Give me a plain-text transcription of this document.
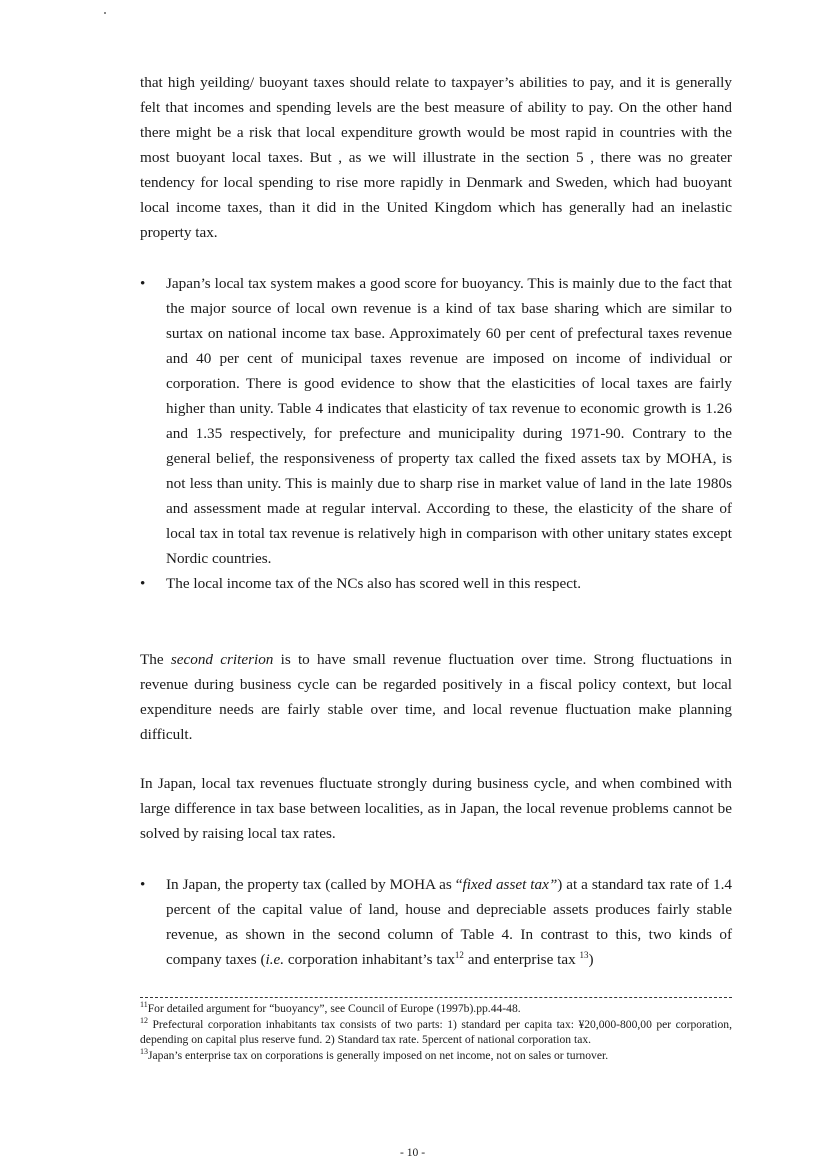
that high yeilding/ buoyant taxes should relate to taxpayer’s abilities to pay, and it is generally felt that incomes and spending levels are the best measure of ability to pay. On the other hand there might be a risk that local expenditure growth would be most rapid in countries with the most buoyant local taxes. But , as we will illustrate in the section 5 , there was no greater tendency for local spending to rise more rapidly in Denmark and Sweden, which had buoyant local income taxes, than it did in the United Kingdom which has generally had an inelastic property tax.

• Japan’s local tax system makes a good score for buoyancy. This is mainly due to the fact that the major source of local own revenue is a kind of tax base sharing which are similar to surtax on national income tax base. Approximately 60 per cent of prefectural taxes revenue and 40 per cent of municipal taxes revenue are imposed on income of individual or corporation. There is good evidence to show that the elasticities of local taxes are fairly higher than unity. Table 4 indicates that elasticity of tax revenue to economic growth is 1.26 and 1.35 respectively, for prefecture and municipality during 1971-90. Contrary to the general belief, the responsiveness of property tax called the fixed assets tax by MOHA, is not less than unity. This is mainly due to sharp rise in market value of land in the late 1980s and assessment made at regular interval. According to these, the elasticity of the share of local tax in total tax revenue is relatively high in comparison with other unitary states except Nordic countries.
• The local income tax of the NCs also has scored well in this respect.

The second criterion is to have small revenue fluctuation over time. Strong fluctuations in revenue during business cycle can be regarded positively in a fiscal policy context, but local expenditure needs are fairly stable over time, and local revenue fluctuation make planning difficult.

In Japan, local tax revenues fluctuate strongly during business cycle, and when combined with large difference in tax base between localities, as in Japan, the local revenue problems cannot be solved by raising local tax rates.

• In Japan, the property tax (called by MOHA as “fixed asset tax”) at a standard tax rate of 1.4 percent of the capital value of land, house and depreciable assets produces fairly stable revenue, as shown in the second column of Table 4. In contrast to this, two kinds of company taxes (i.e. corporation inhabitant’s tax$^{12}$ and enterprise tax $^{13}$)

$^{11}$For detailed argument for “buoyancy”, see Council of Europe (1997b).pp.44-48.

$^{12}$ Prefectural corporation inhabitants tax consists of two parts: 1) standard per capita tax: ¥20,000-800,00 per corporation, depending on capital plus reserve fund. 2) Standard tax rate. 5percent of national corporation tax.

$^{13}$Japan’s enterprise tax on corporations is generally imposed on net income, not on sales or turnover.

- 10 -
